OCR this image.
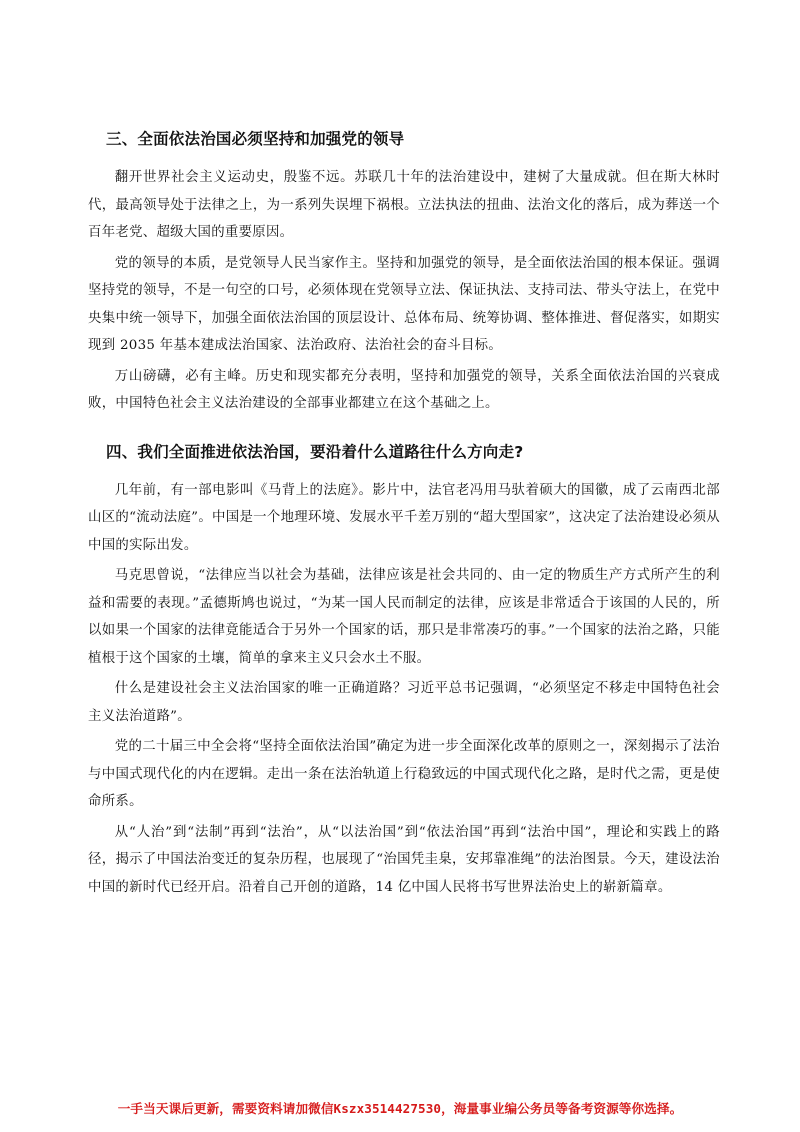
三、全面依法治国必须坚持和加强党的领导

翻开世界社会主义运动史，殷鉴不远。苏联几十年的法治建设中，建树了大量成就。但在斯大林时代，最高领导处于法律之上，为一系列失误埋下祸根。立法执法的扭曲、法治文化的落后，成为葬送一个百年老党、超级大国的重要原因。

党的领导的本质，是党领导人民当家作主。坚持和加强党的领导，是全面依法治国的根本保证。强调坚持党的领导，不是一句空的口号，必须体现在党领导立法、保证执法、支持司法、带头守法上，在党中央集中统一领导下，加强全面依法治国的顶层设计、总体布局、统筹协调、整体推进、督促落实，如期实现到 2035 年基本建成法治国家、法治政府、法治社会的奋斗目标。

万山磅礴，必有主峰。历史和现实都充分表明，坚持和加强党的领导，关系全面依法治国的兴衰成败，中国特色社会主义法治建设的全部事业都建立在这个基础之上。

四、我们全面推进依法治国，要沿着什么道路往什么方向走?

几年前，有一部电影叫《马背上的法庭》。影片中，法官老冯用马驮着硕大的国徽，成了云南西北部山区的“流动法庭”。中国是一个地理环境、发展水平千差万别的“超大型国家”，这决定了法治建设必须从中国的实际出发。

马克思曾说，“法律应当以社会为基础，法律应该是社会共同的、由一定的物质生产方式所产生的利益和需要的表现。”孟德斯鸠也说过，“为某一国人民而制定的法律，应该是非常适合于该国的人民的，所以如果一个国家的法律竟能适合于另外一个国家的话，那只是非常凑巧的事。”一个国家的法治之路，只能植根于这个国家的土壤，简单的拿来主义只会水土不服。

什么是建设社会主义法治国家的唯一正确道路？习近平总书记强调，“必须坚定不移走中国特色社会主义法治道路”。

党的二十届三中全会将“坚持全面依法治国”确定为进一步全面深化改革的原则之一，深刻揭示了法治与中国式现代化的内在逻辑。走出一条在法治轨道上行稳致远的中国式现代化之路，是时代之需，更是使命所系。

从“人治”到“法制”再到“法治”，从“以法治国”到“依法治国”再到“法治中国”，理论和实践上的路径，揭示了中国法治变迁的复杂历程，也展现了“治国凭圭臬，安邦靠准绳”的法治图景。今天，建设法治中国的新时代已经开启。沿着自己开创的道路，14 亿中国人民将书写世界法治史上的崭新篇章。

一手当天课后更新，需要资料请加微信Kszx3514427530，海量事业编公务员等备考资源等你选择。
